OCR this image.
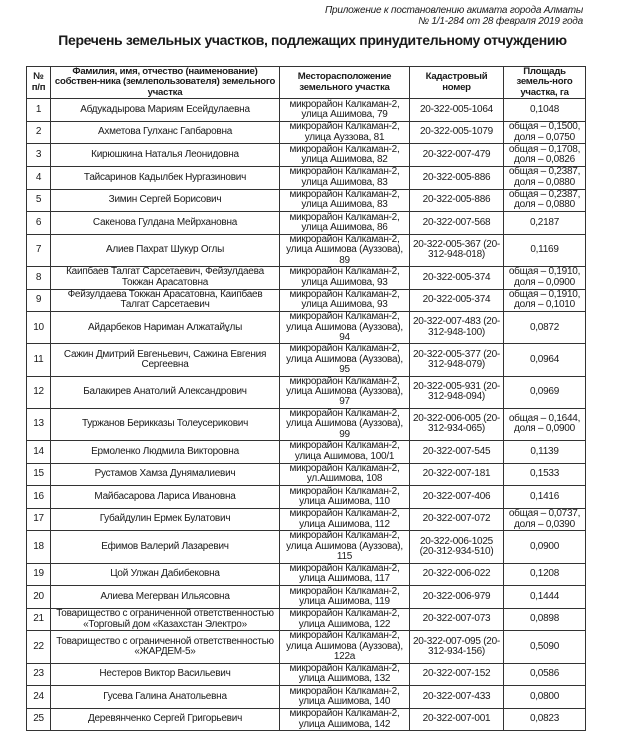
Приложение к постановлению акимата города Алматы
№ 1/1-284 от 28 февраля 2019 года
Перечень земельных участков, подлежащих принудительному отчуждению
№ п/п	Фамилия, имя, отчество (наименование) собствен-ника (землепользователя) земельного участка	Месторасположение земельного участка	Кадастровый номер	Площадь земель-ного участка, га
1	Абдукадырова Мариям Есейдулаевна	микрорайон Калкаман-2,
улица Ашимова, 79	20-322-005-1064	0,1048
2	Ахметова Гулханс Гапбаровна	микрорайон Калкаман-2,
улица Ауззова, 81	20-322-005-1079	общая – 0,1500,
доля – 0,0750
3	Кирюшкина Наталья Леонидовна	микрорайон Калкаман-2,
улица Ашимова, 82	20-322-007-479	общая – 0,1708,
доля – 0,0826
4	Тайсаринов Кадылбек Нургазинович	микрорайон Калкаман-2,
улица Ашимова, 83	20-322-005-886	общая – 0,2387,
доля – 0,0880
5	Зимин Сергей Борисович	микрорайон Калкаман-2,
улица Ашимова, 83	20-322-005-886	общая – 0,2387,
доля – 0,0880
6	Сакенова Гулдана Мейрхановна	микрорайон Калкаман-2,
улица Ашимова, 86	20-322-007-568	0,2187
7	Алиев Пахрат Шукур Оглы	микрорайон Калкаман-2,
улица Ашимова (Ауззова), 89	20-322-005-367 (20-
312-948-018)	0,1169
8	Каипбаев Талгат Сарсетаевич, Фейзулдаева Токжан Арасатовна	микрорайон Калкаман-2,
улица Ашимова, 93	20-322-005-374	общая – 0,1910,
доля – 0,0900
9	Фейзулдаева Токжан Арасатовна, Каипбаев Талгат Сарсетаевич	микрорайон Калкаман-2,
улица Ашимова, 93	20-322-005-374	общая – 0,1910,
доля – 0,1010
10	Айдарбеков Нариман Алжатайұлы	микрорайон Калкаман-2,
улица Ашимова (Ауззова), 94	20-322-007-483 (20-
312-948-100)	0,0872
11	Сажин Дмитрий Евгеньевич, Сажина Евгения Сергеевна	микрорайон Калкаман-2,
улица Ашимова (Ауззова), 95	20-322-005-377 (20-
312-948-079)	0,0964
12	Балакирев Анатолий Александрович	микрорайон Калкаман-2,
улица Ашимова (Ауззова), 97	20-322-005-931 (20-
312-948-094)	0,0969
13	Туржанов Берикказы Толеусерикович	микрорайон Калкаман-2,
улица Ашимова (Ауззова), 99	20-322-006-005 (20-
312-934-065)	общая – 0,1644,
доля – 0,0900
14	Ермоленко Людмила Викторовна	микрорайон Калкаман-2,
улица Ашимова, 100/1	20-322-007-545	0,1139
15	Рустамов Хамза Дунямалиевич	микрорайон Калкаман-2,
ул.Ашимова, 108	20-322-007-181	0,1533
16	Майбасарова Лариса Ивановна	микрорайон Калкаман-2,
улица Ашимова, 110	20-322-007-406	0,1416
17	Губайдулин Ермек Булатович	микрорайон Калкаман-2,
улица Ашимова, 112	20-322-007-072	общая – 0,0737,
доля – 0,0390
18	Ефимов Валерий Лазаревич	микрорайон Калкаман-2,
улица Ашимова (Ауззова),
115	20-322-006-1025
(20-312-934-510)	0,0900
19	Цой Улжан Дабибековна	микрорайон Калкаман-2,
улица Ашимова, 117	20-322-006-022	0,1208
20	Алиева Мегерван Ильясовна	микрорайон Калкаман-2,
улица Ашимова, 119	20-322-006-979	0,1444
21	Товарищество с ограниченной ответственностью «Торговый дом «Казахстан Электро»	микрорайон Калкаман-2,
улица Ашимова, 122	20-322-007-073	0,0898
22	Товарищество с ограниченной ответственностью «ЖАРДЕМ-5»	микрорайон Калкаман-2,
улица Ашимова (Ауззова),
122а	20-322-007-095 (20-
312-934-156)	0,5090
23	Нестеров Виктор Васильевич	микрорайон Калкаман-2,
улица Ашимова, 132	20-322-007-152	0,0586
24	Гусева Галина Анатольевна	микрорайон Калкаман-2,
улица Ашимова, 140	20-322-007-433	0,0800
25	Деревянченко Сергей Григорьевич	микрорайон Калкаман-2,
улица Ашимова, 142	20-322-007-001	0,0823
